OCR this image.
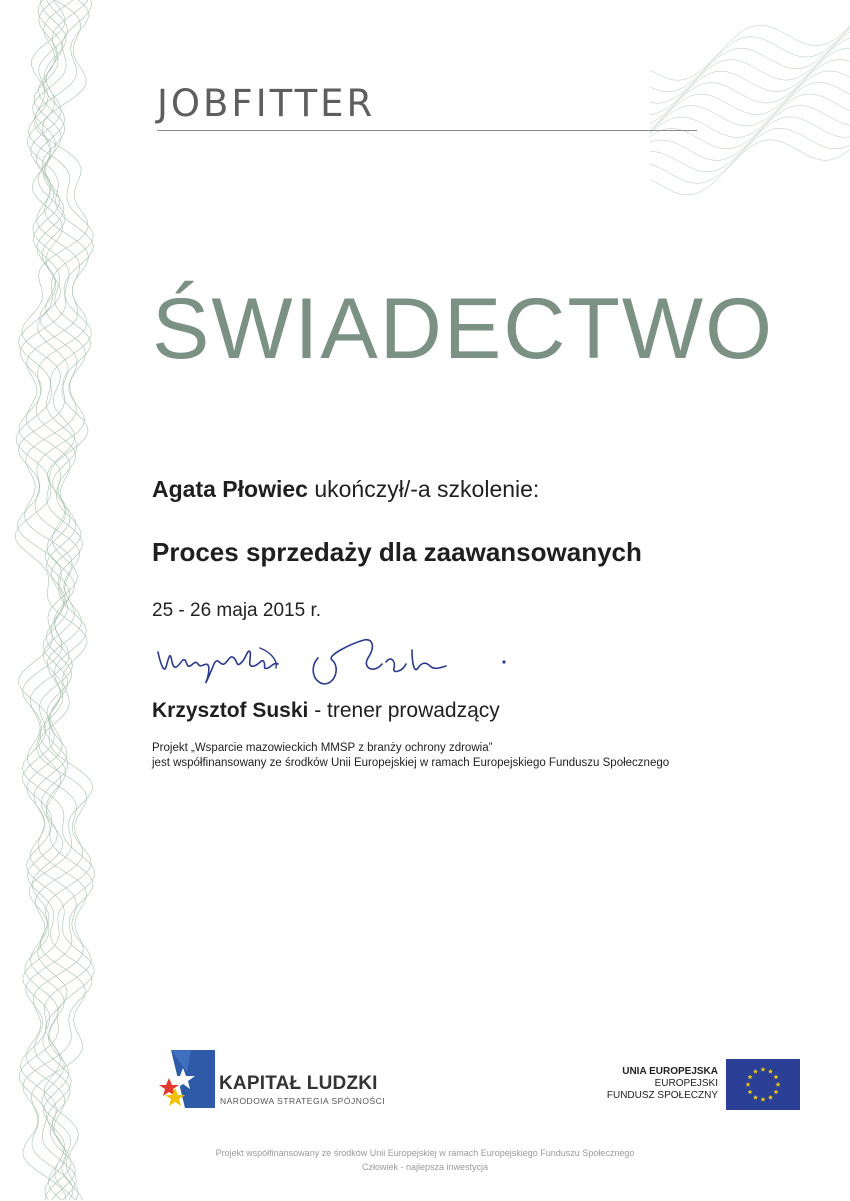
JOBFITTER
ŚWIADECTWO
Agata Płowiec ukończył/-a szkolenie:
Proces sprzedaży dla zaawansowanych
25 - 26 maja 2015 r.
Krzysztof Suski - trener prowadzący
Projekt „Wsparcie mazowieckich MMSP z branży ochrony zdrowia”
jest współfinansowany ze środków Unii Europejskiej w ramach Europejskiego Funduszu Społecznego
KAPITAŁ LUDZKI
NARODOWA STRATEGIA SPÓJNOŚCI
UNIA EUROPEJSKA
EUROPEJSKI
FUNDUSZ SPOŁECZNY
Projekt współfinansowany ze środków Unii Europejskiej w ramach Europejskiego Funduszu Społecznego
Człowiek - najlepsza inwestycja
